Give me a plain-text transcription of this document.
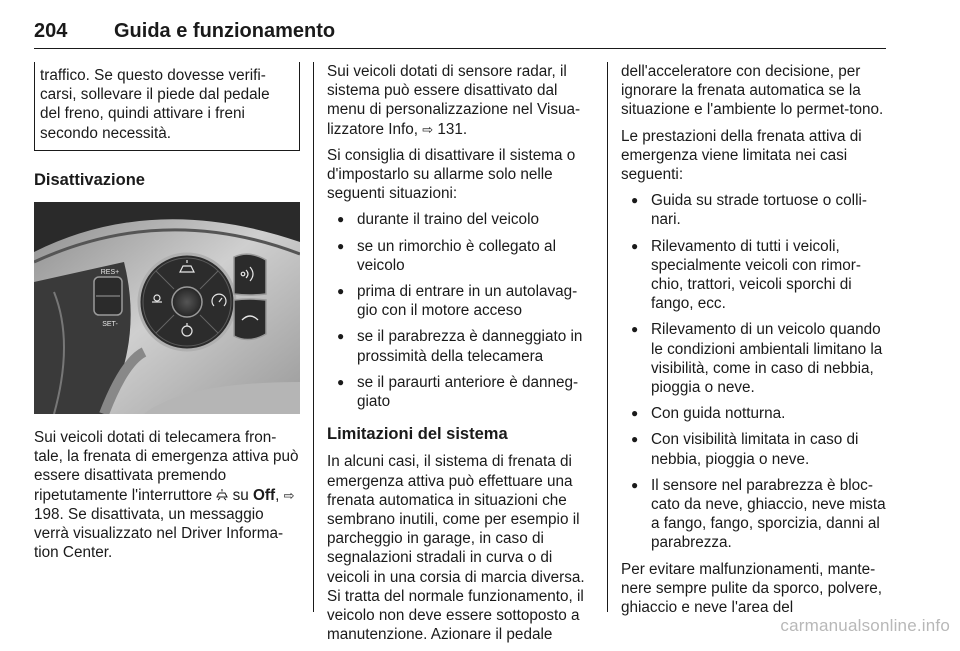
204 Guida e funzionamento

traffico. Se questo dovesse verifi-carsi, sollevare il piede dal pedale del freno, quindi attivare i freni secondo necessità.

Disattivazione
RES+
SET-

Sui veicoli dotati di telecamera fron-tale, la frenata di emergenza attiva può essere disattivata premendo ripetutamente l'interruttore su Off, ⇨ 198. Se disattivata, un messaggio verrà visualizzato nel Driver Informa-tion Center.

Sui veicoli dotati di sensore radar, il sistema può essere disattivato dal menu di personalizzazione nel Visua-lizzatore Info, ⇨ 131.

Si consiglia di disattivare il sistema o d'impostarlo su allarme solo nelle seguenti situazioni:

● durante il traino del veicolo
● se un rimorchio è collegato al veicolo
● prima di entrare in un autolavag-gio con il motore acceso
● se il parabrezza è danneggiato in prossimità della telecamera
● se il paraurti anteriore è danneg-giato
Limitazioni del sistema

In alcuni casi, il sistema di frenata di emergenza attiva può effettuare una frenata automatica in situazioni che sembrano inutili, come per esempio il parcheggio in garage, in caso di segnalazioni stradali in curva o di veicoli in una corsia di marcia diversa. Si tratta del normale funzionamento, il veicolo non deve essere sottoposto a manutenzione. Azionare il pedale

dell'acceleratore con decisione, per ignorare la frenata automatica se la situazione e l'ambiente lo permet-tono.

Le prestazioni della frenata attiva di emergenza viene limitata nei casi seguenti:

● Guida su strade tortuose o colli-nari.
● Rilevamento di tutti i veicoli, specialmente veicoli con rimor-chio, trattori, veicoli sporchi di fango, ecc.
● Rilevamento di un veicolo quando le condizioni ambientali limitano la visibilità, come in caso di nebbia, pioggia o neve.
● Con guida notturna.
● Con visibilità limitata in caso di nebbia, pioggia o neve.
● Il sensore nel parabrezza è bloc-cato da neve, ghiaccio, neve mista a fango, fango, sporcizia, danni al parabrezza.

Per evitare malfunzionamenti, mante-nere sempre pulite da sporco, polvere, ghiaccio e neve l'area del

carmanualsonline.info
